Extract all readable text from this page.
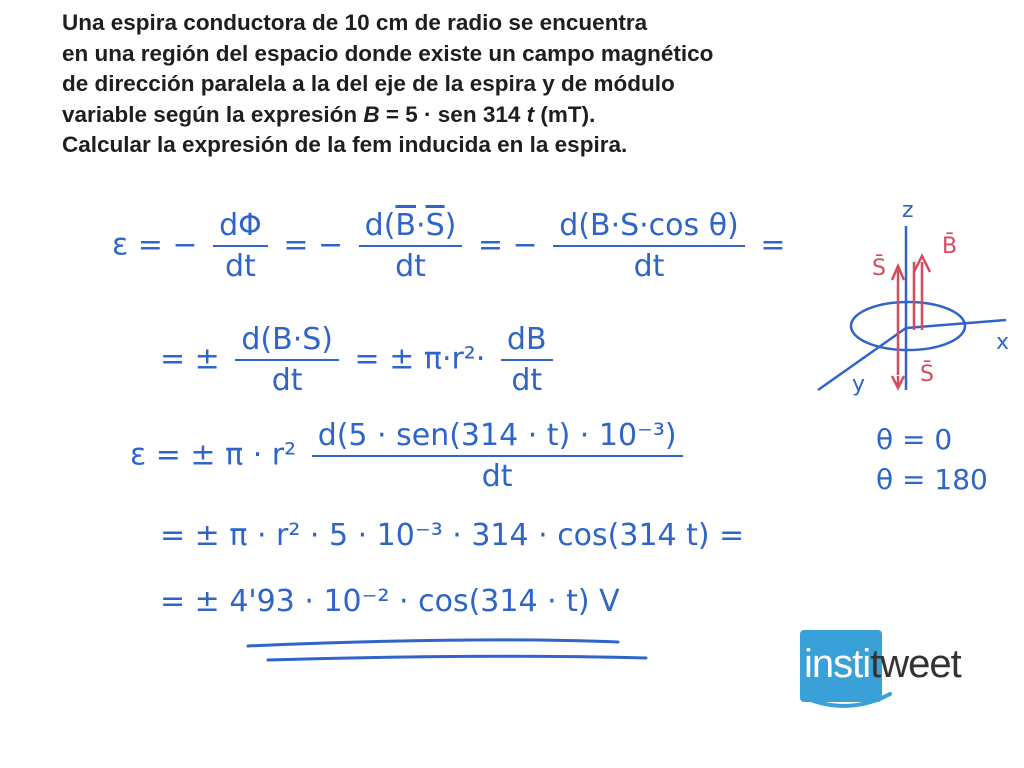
Una espira conductora de 10 cm de radio se encuentra
en una región del espacio donde existe un campo magnético
de dirección paralela a la del eje de la espira y de módulo
variable según la expresión B = 5 · sen 314 t (mT).
Calcular la expresión de la fem inducida en la espira.
ε = − $\frac{d\Phi}{dt}$ = − $\frac{d(\overline{B}\cdot\overline{S})}{dt}$ = − $\frac{\text{d(B·S·cos θ)}}{dt}$ =
= ± $\frac{d(B\cdot S)}{dt}$ = ± $\pi\cdot r^2\cdot \frac{dB}{dt}$
ε = ± $\pi \cdot r^2 \frac{\text{d(5 · sen(314 · t) · 10⁻³)}}{dt}$
= ± π · r² · 5 · 10⁻³ · 314 · cos(314 t) =
= ± 4'93 · 10⁻² · cos(314 · t) V
z
x
y
S̄
B̄
S̄
θ = 0
θ = 180
institweet
